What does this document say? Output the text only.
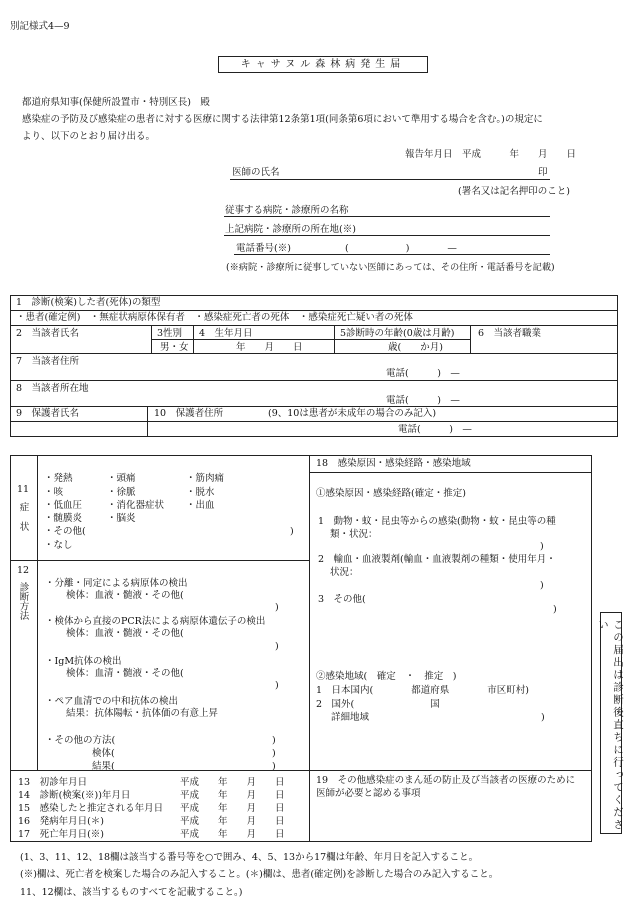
別記様式4—9
キャサヌル森林病発生届
都道府県知事(保健所設置市・特別区長)　殿
感染症の予防及び感染症の患者に対する医療に関する法律第12条第1項(同条第6項において準用する場合を含む。)の規定に
より、以下のとおり届け出る。
報告年月日　平成　　　年　　月　　日
医師の氏名	印
(署名又は記名押印のこと)
従事する病院・診療所の名称
上記病院・診療所の所在地(※)
電話番号(※)	(　　　　　　)　　　　—
(※病院・診療所に従事していない医師にあっては、その住所・電話番号を記載)
1　診断(検案)した者(死体)の類型
・患者(確定例)　・無症状病原体保有者　・感染症死亡者の死体　・感染症死亡疑い者の死体
2　当該者氏名	3性別 4　生年月日	5診断時の年齢(0歳は月齢) 6　当該者職業
男・女	年　　月　　日	歳(　　か月)
7　当該者住所
電話(　　　)　—
8　当該者所在地
電話(　　　)　—
9　保護者氏名	10　保護者住所	(9、10は患者が未成年の場合のみ記入)
電話(　　　)　—
11
症状
・発熱
・咳
・低血圧
・髄膜炎
・頭痛
・徐脈
・消化器症状
・脳炎
・筋肉痛
・脱水
・出血
・その他(	)
・なし
12
診断方法 ・分離・同定による病原体の検出
検体：血液・髄液・その他(
)
・検体から直接のPCR法による病原体遺伝子の検出
検体：血液・髄液・その他(
)
・IgM抗体の検出
検体：血清・髄液・その他(
)
・ペア血清での中和抗体の検出
結果：抗体陽転・抗体価の有意上昇
・その他の方法(	)
検体(	)
結果(	)
18　感染原因・感染経路・感染地域
①感染原因・感染経路(確定・推定)
1　動物・蚊・昆虫等からの感染(動物・蚊・昆虫等の種
類・状況：
)
2　輸血・血液製剤(輸血・血液製剤の種類・使用年月・
状況：
)
3　その他(
)
②感染地域(　確定　・　推定　)
1　日本国内(　　　　都道府県　　　　市区町村)
2　国外(　　　　　　　　国
詳細地域	)
13　初診年月日	平成　　年　　月　　日
14　診断(検案(※))年月日	平成　　年　　月　　日
15　感染したと推定される年月日 平成　　年　　月　　日
16　発病年月日(＊)	平成　　年　　月　　日
17　死亡年月日(※)	平成　　年　　月　　日
19　その他感染症のまん延の防止及び当該者の医療のために
医師が必要と認める事項	この届出は診断後直ちに行ってください
(1、3、11、12、18欄は該当する番号等を○で囲み、4、5、13から17欄は年齢、年月日を記入すること。
(※)欄は、死亡者を検案した場合のみ記入すること。(＊)欄は、患者(確定例)を診断した場合のみ記入すること。
11、12欄は、該当するものすべてを記載すること。)
